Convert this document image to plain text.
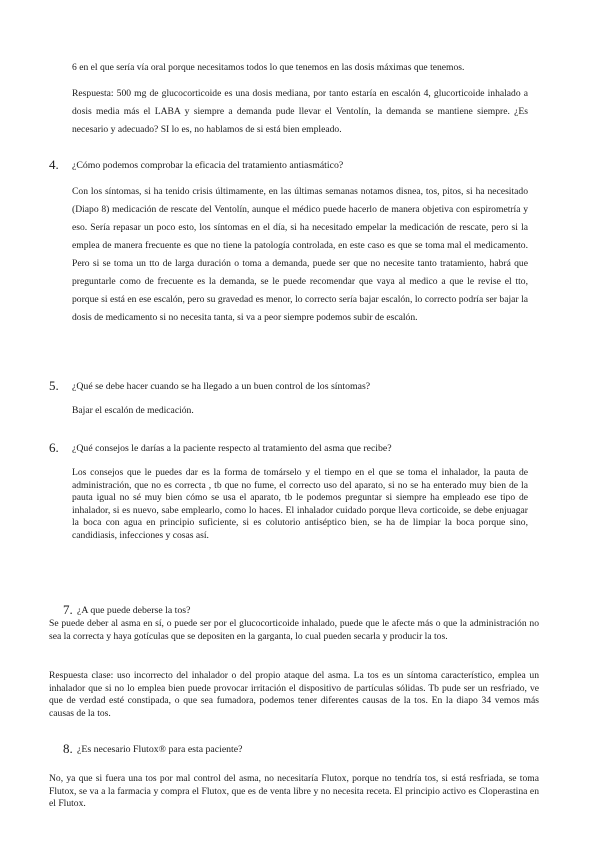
6 en el que sería vía oral porque necesitamos todos lo que tenemos en las dosis máximas que tenemos.

Respuesta: 500 mg de glucocorticoide es una dosis mediana, por tanto estaría en escalón 4, glucorticoide inhalado a dosis media más el LABA y siempre a demanda pude llevar el Ventolín, la demanda se mantiene siempre. ¿Es necesario y adecuado? SI lo es, no hablamos de si está bien empleado.

4. ¿Cómo podemos comprobar la eficacia del tratamiento antiasmático?

Con los síntomas, si ha tenido crisis últimamente, en las últimas semanas notamos disnea, tos, pitos, si ha necesitado (Diapo 8) medicación de rescate del Ventolín, aunque el médico puede hacerlo de manera objetiva con espirometría y eso. Sería repasar un poco esto, los síntomas en el día, si ha necesitado empelar la medicación de rescate, pero si la emplea de manera frecuente es que no tiene la patología controlada, en este caso es que se toma mal el medicamento. Pero si se toma un tto de larga duración o toma a demanda, puede ser que no necesite tanto tratamiento, habrá que preguntarle como de frecuente es la demanda, se le puede recomendar que vaya al medico a que le revise el tto, porque si está en ese escalón, pero su gravedad es menor, lo correcto sería bajar escalón, lo correcto podría ser bajar la dosis de medicamento si no necesita tanta, si va a peor siempre podemos subir de escalón.

5. ¿Qué se debe hacer cuando se ha llegado a un buen control de los síntomas?

Bajar el escalón de medicación.

6. ¿Qué consejos le darías a la paciente respecto al tratamiento del asma que recibe?

Los consejos que le puedes dar es la forma de tomárselo y el tiempo en el que se toma el inhalador, la pauta de administración, que no es correcta , tb que no fume, el correcto uso del aparato, si no se ha enterado muy bien de la pauta igual no sé muy bien cómo se usa el aparato, tb le podemos preguntar si siempre ha empleado ese tipo de inhalador, si es nuevo, sabe emplearlo, como lo haces. El inhalador cuidado porque lleva corticoide, se debe enjuagar la boca con agua en principio suficiente, si es colutorio antiséptico bien, se ha de limpiar la boca porque sino, candidiasis, infecciones y cosas así.

7. ¿A que puede deberse la tos?

Se puede deber al asma en sí, o puede ser por el glucocorticoide inhalado, puede que le afecte más o que la administración no sea la correcta y haya gotículas que se depositen en la garganta, lo cual pueden secarla y producir la tos.

Respuesta clase: uso incorrecto del inhalador o del propio ataque del asma. La tos es un síntoma característico, emplea un inhalador que si no lo emplea bien puede provocar irritación el dispositivo de partículas sólidas. Tb pude ser un resfriado, ve que de verdad esté constipada, o que sea fumadora, podemos tener diferentes causas de la tos. En la diapo 34 vemos más causas de la tos.

8. ¿Es necesario Flutox® para esta paciente?

No, ya que si fuera una tos por mal control del asma, no necesitaría Flutox, porque no tendría tos, si está resfriada, se toma Flutox, se va a la farmacia y compra el Flutox, que es de venta libre y no necesita receta. El principio activo es Cloperastina en el Flutox.
